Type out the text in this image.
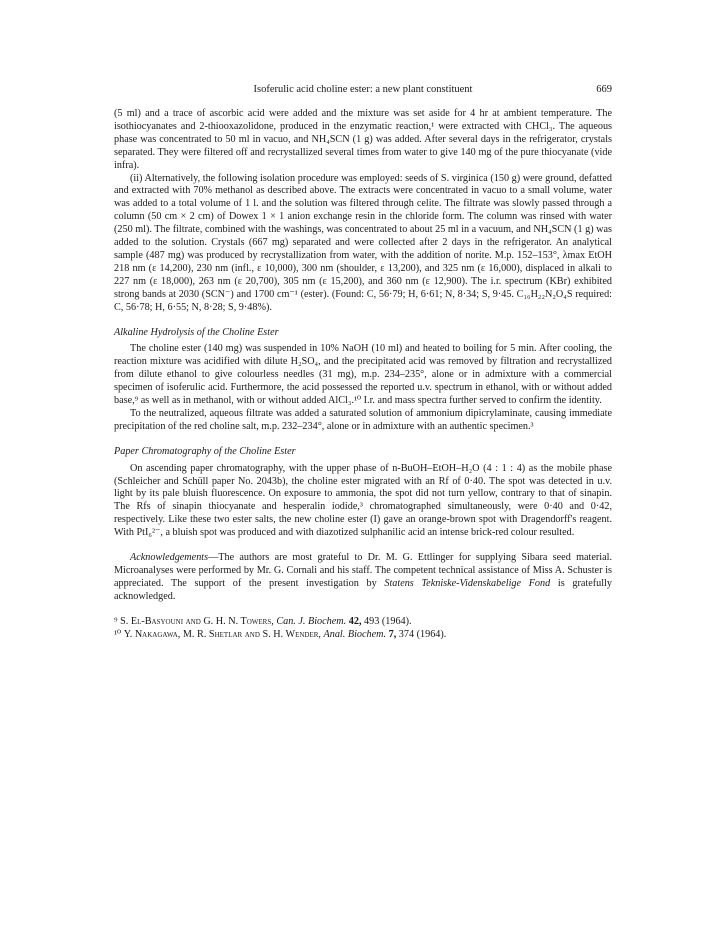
Isoferulic acid choline ester: a new plant constituent	669

(5 ml) and a trace of ascorbic acid were added and the mixture was set aside for 4 hr at ambient temperature. The isothiocyanates and 2-thiooxazolidone, produced in the enzymatic reaction,¹ were extracted with CHCl₃. The aqueous phase was concentrated to 50 ml in vacuo, and NH₄SCN (1 g) was added. After several days in the refrigerator, crystals separated. They were filtered off and recrystallized several times from water to give 140 mg of the pure thiocyanate (vide infra).

(ii) Alternatively, the following isolation procedure was employed: seeds of S. virginica (150 g) were ground, defatted and extracted with 70% methanol as described above. The extracts were concentrated in vacuo to a small volume, water was added to a total volume of 1 l. and the solution was filtered through celite. The filtrate was slowly passed through a column (50 cm × 2 cm) of Dowex 1 × 1 anion exchange resin in the chloride form. The column was rinsed with water (250 ml). The filtrate, combined with the washings, was concentrated to about 25 ml in a vacuum, and NH₄SCN (1 g) was added to the solution. Crystals (667 mg) separated and were collected after 2 days in the refrigerator. An analytical sample (487 mg) was produced by recrystallization from water, with the addition of norite. M.p. 152–153°, λmax EtOH 218 nm (ε 14,200), 230 nm (infl., ε 10,000), 300 nm (shoulder, ε 13,200), and 325 nm (ε 16,000), displaced in alkali to 227 nm (ε 18,000), 263 nm (ε 20,700), 305 nm (ε 15,200), and 360 nm (ε 12,900). The i.r. spectrum (KBr) exhibited strong bands at 2030 (SCN⁻) and 1700 cm⁻¹ (ester). (Found: C, 56·79; H, 6·61; N, 8·34; S, 9·45. C₁₆H₂₂N₂O₄S required: C, 56·78; H, 6·55; N, 8·28; S, 9·48%).

Alkaline Hydrolysis of the Choline Ester

The choline ester (140 mg) was suspended in 10% NaOH (10 ml) and heated to boiling for 5 min. After cooling, the reaction mixture was acidified with dilute H₂SO₄, and the precipitated acid was removed by filtration and recrystallized from dilute ethanol to give colourless needles (31 mg), m.p. 234–235°, alone or in admixture with a commercial specimen of isoferulic acid. Furthermore, the acid possessed the reported u.v. spectrum in ethanol, with or without added base,⁹ as well as in methanol, with or without added AlCl₃.¹⁰ I.r. and mass spectra further served to confirm the identity.

To the neutralized, aqueous filtrate was added a saturated solution of ammonium dipicrylaminate, causing immediate precipitation of the red choline salt, m.p. 232–234°, alone or in admixture with an authentic specimen.³

Paper Chromatography of the Choline Ester

On ascending paper chromatography, with the upper phase of n-BuOH–EtOH–H₂O (4 : 1 : 4) as the mobile phase (Schleicher and Schüll paper No. 2043b), the choline ester migrated with an Rf of 0·40. The spot was detected in u.v. light by its pale bluish fluorescence. On exposure to ammonia, the spot did not turn yellow, contrary to that of sinapin. The Rfs of sinapin thiocyanate and hesperalin iodide,³ chromatographed simultaneously, were 0·40 and 0·42, respectively. Like these two ester salts, the new choline ester (I) gave an orange-brown spot with Dragendorff's reagent. With PtI₆²⁻, a bluish spot was produced and with diazotized sulphanilic acid an intense brick-red colour resulted.

Acknowledgements—The authors are most grateful to Dr. M. G. Ettlinger for supplying Sibara seed material. Microanalyses were performed by Mr. G. Cornali and his staff. The competent technical assistance of Miss A. Schuster is appreciated. The support of the present investigation by Statens Tekniske-Videnskabelige Fond is gratefully acknowledged.

⁹ S. El-Basyouni and G. H. N. Towers, Can. J. Biochem. 42, 493 (1964).

¹⁰ Y. Nakagawa, M. R. Shetlar and S. H. Wender, Anal. Biochem. 7, 374 (1964).
